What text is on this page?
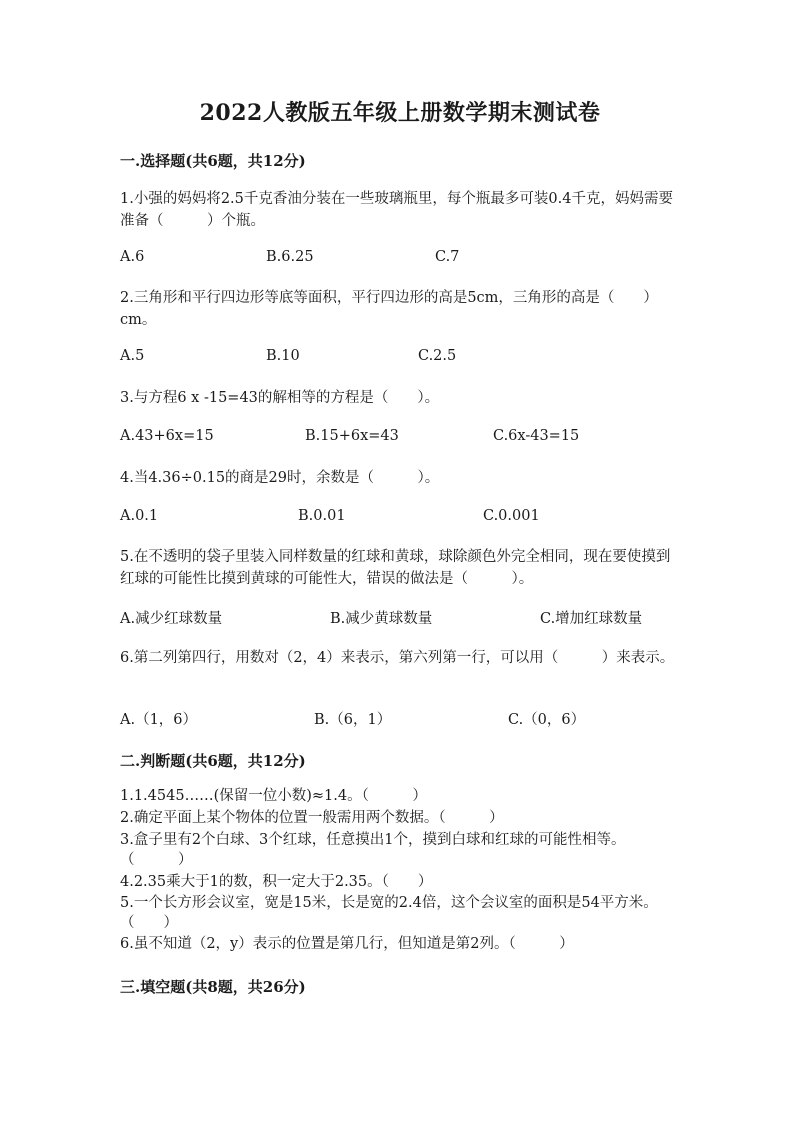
2022人教版五年级上册数学期末测试卷
一.选择题(共6题，共12分)
1.小强的妈妈将2.5千克香油分装在一些玻璃瓶里，每个瓶最多可装0.4千克，妈妈需要准备（　　　）个瓶。
A.6	B.6.25	C.7
2.三角形和平行四边形等底等面积，平行四边形的高是5cm，三角形的高是（　　）cm。
A.5	B.10	C.2.5
3.与方程6 x -15=43的解相等的方程是（　　）。
A.43+6x=15	B.15+6x=43	C.6x-43=15
4.当4.36÷0.15的商是29时，余数是（　　　）。
A.0.1	B.0.01	C.0.001
5.在不透明的袋子里装入同样数量的红球和黄球，球除颜色外完全相同，现在要使摸到红球的可能性比摸到黄球的可能性大，错误的做法是（　　　）。
A.减少红球数量	B.减少黄球数量	C.增加红球数量
6.第二列第四行，用数对（2，4）来表示，第六列第一行，可以用（　　　）来表示。
A.（1，6）	B.（6，1）	C.（0，6）
二.判断题(共6题，共12分)
1.1.4545……(保留一位小数)≈1.4。（　　　）
2.确定平面上某个物体的位置一般需用两个数据。（　　　）
3.盒子里有2个白球、3个红球，任意摸出1个，摸到白球和红球的可能性相等。（　　　）
4.2.35乘大于1的数，积一定大于2.35。（　　）
5.一个长方形会议室，宽是15米，长是宽的2.4倍，这个会议室的面积是54平方米。（　　）
6.虽不知道（2，y）表示的位置是第几行，但知道是第2列。（　　　）
三.填空题(共8题，共26分)
